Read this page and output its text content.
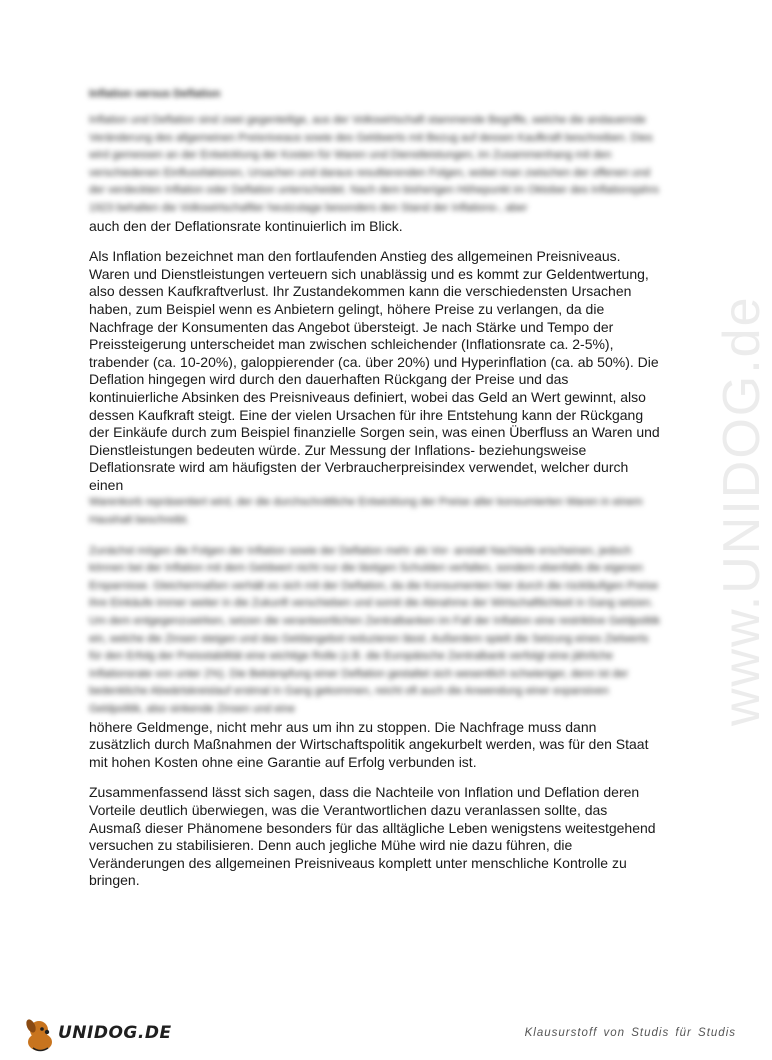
www.UNIDOG.de
Inflation versus Deflation

Inflation und Deflation sind zwei gegenteilige, aus der Volkswirtschaft stammende Begriffe, welche die andauernde Veränderung des allgemeinen Preisniveaus sowie des Geldwerts mit Bezug auf dessen Kaufkraft beschreiben. Dies wird gemessen an der Entwicklung der Kosten für Waren und Dienstleistungen, im Zusammenhang mit den verschiedenen Einflussfaktoren, Ursachen und daraus resultierenden Folgen, wobei man zwischen der offenen und der verdeckten Inflation oder Deflation unterscheidet. Nach dem bisherigen Höhepunkt im Oktober des Inflationsjahrs 1923 behalten die Volkswirtschaftler heutzutage besonders den Stand der Inflations-, aber

auch den der Deflationsrate kontinuierlich im Blick.

Als Inflation bezeichnet man den fortlaufenden Anstieg des allgemeinen Preisniveaus. Waren und Dienstleistungen verteuern sich unablässig und es kommt zur Geldentwertung, also dessen Kaufkraftverlust. Ihr Zustandekommen kann die verschiedensten Ursachen haben, zum Beispiel wenn es Anbietern gelingt, höhere Preise zu verlangen, da die Nachfrage der Konsumenten das Angebot übersteigt. Je nach Stärke und Tempo der Preissteigerung unterscheidet man zwischen schleichender (Inflationsrate ca. 2-5%), trabender (ca. 10-20%), galoppierender (ca. über 20%) und Hyperinflation (ca. ab 50%). Die Deflation hingegen wird durch den dauerhaften Rückgang der Preise und das kontinuierliche Absinken des Preisniveaus definiert, wobei das Geld an Wert gewinnt, also dessen Kaufkraft steigt. Eine der vielen Ursachen für ihre Entstehung kann der Rückgang der Einkäufe durch zum Beispiel finanzielle Sorgen sein, was einen Überfluss an Waren und Dienstleistungen bedeuten würde. Zur Messung der Inflations- beziehungsweise Deflationsrate wird am häufigsten der Verbraucherpreisindex verwendet, welcher durch einen

Warenkorb repräsentiert wird, der die durchschnittliche Entwicklung der Preise aller konsumierten Waren in einem Haushalt beschreibt.

Zunächst mögen die Folgen der Inflation sowie der Deflation mehr als Vor- anstatt Nachteile erscheinen, jedoch können bei der Inflation mit dem Geldwert nicht nur die lästigen Schulden verfallen, sondern ebenfalls die eigenen Ersparnisse. Gleichermaßen verhält es sich mit der Deflation, da die Konsumenten hier durch die rückläufigen Preise ihre Einkäufe immer weiter in die Zukunft verschieben und somit die Abnahme der Wirtschaftlichkeit in Gang setzen. Um dem entgegenzuwirken, setzen die verantwortlichen Zentralbanken im Fall der Inflation eine restriktive Geldpolitik ein, welche die Zinsen steigen und das Geldangebot reduzieren lässt. Außerdem spielt die Setzung eines Zielwerts für den Erfolg der Preisstabilität eine wichtige Rolle (z.B. die Europäische Zentralbank verfolgt eine jährliche Inflationsrate von unter 2%). Die Bekämpfung einer Deflation gestaltet sich wesentlich schwieriger, denn ist der bedenkliche Abwärtskreislauf erstmal in Gang gekommen, reicht oft auch die Anwendung einer expansiven Geldpolitik, also sinkende Zinsen und eine

höhere Geldmenge, nicht mehr aus um ihn zu stoppen. Die Nachfrage muss dann zusätzlich durch Maßnahmen der Wirtschaftspolitik angekurbelt werden, was für den Staat mit hohen Kosten ohne eine Garantie auf Erfolg verbunden ist.

Zusammenfassend lässt sich sagen, dass die Nachteile von Inflation und Deflation deren Vorteile deutlich überwiegen, was die Verantwortlichen dazu veranlassen sollte, das Ausmaß dieser Phänomene besonders für das alltägliche Leben wenigstens weitestgehend versuchen zu stabilisieren. Denn auch jegliche Mühe wird nie dazu führen, die Veränderungen des allgemeinen Preisniveaus komplett unter menschliche Kontrolle zu bringen.

UNIDOG.DE	Klausurstoff von Studis für Studis
